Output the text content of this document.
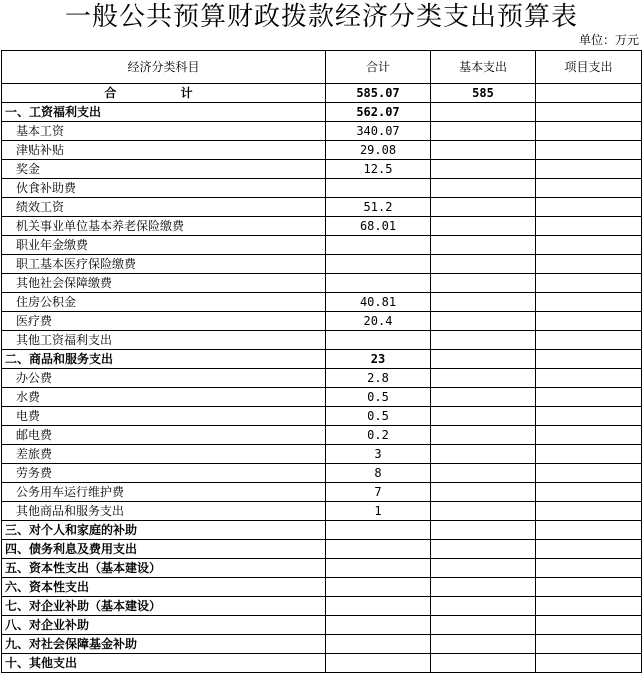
一般公共预算财政拨款经济分类支出预算表
单位：万元
经济分类科目	合计	基本支出	项目支出
合 计	585.07	585	
一、工资福利支出	562.07		
基本工资	340.07		
津贴补贴	29.08		
奖金	12.5		
伙食补助费			
绩效工资	51.2		
机关事业单位基本养老保险缴费	68.01		
职业年金缴费			
职工基本医疗保险缴费			
其他社会保障缴费			
住房公积金	40.81		
医疗费	20.4		
其他工资福利支出			
二、商品和服务支出	23		
办公费	2.8		
水费	0.5		
电费	0.5		
邮电费	0.2		
差旅费	3		
劳务费	8		
公务用车运行维护费	7		
其他商品和服务支出	1		
三、对个人和家庭的补助			
四、债务利息及费用支出			
五、资本性支出（基本建设）			
六、资本性支出			
七、对企业补助（基本建设）			
八、对企业补助			
九、对社会保障基金补助			
十、其他支出			
